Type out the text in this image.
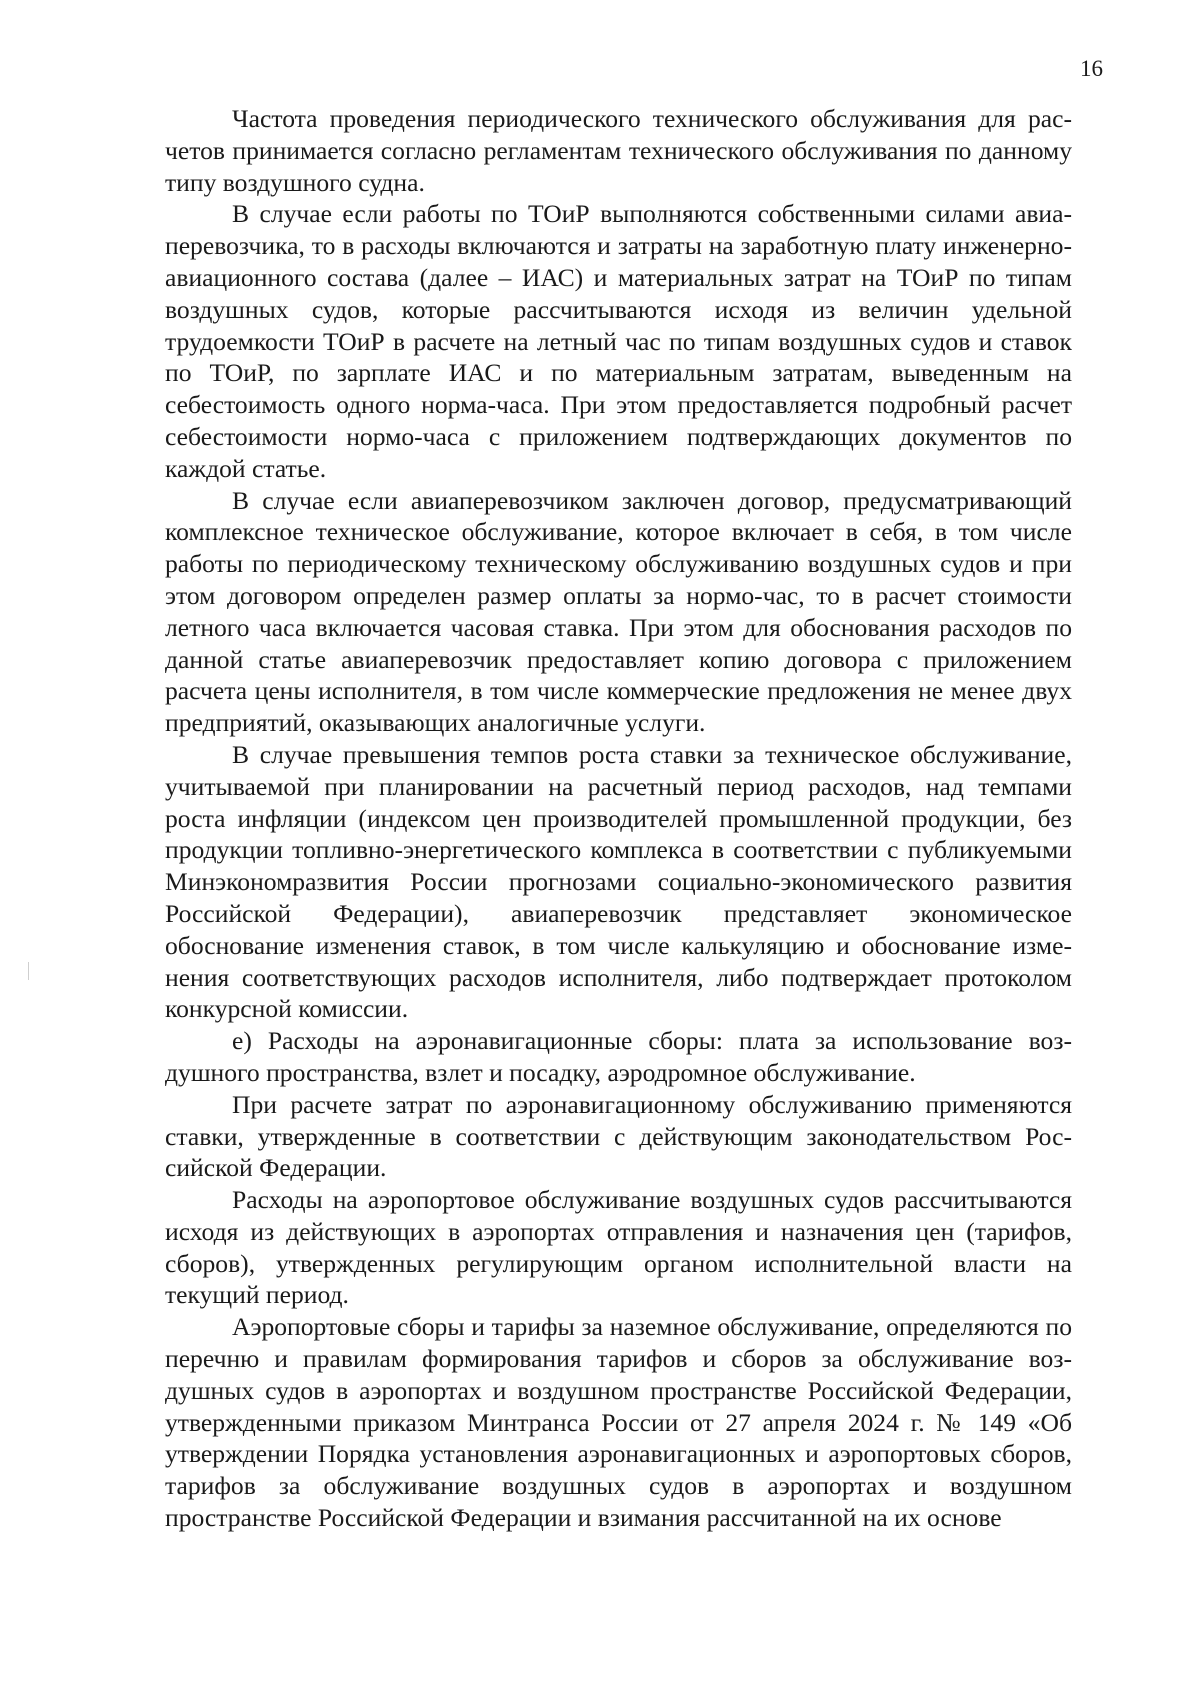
16

Частота проведения периодического технического обслуживания для расчетов принимается согласно регламентам технического обслуживания по данному типу воздушного судна.

В случае если работы по ТОиР выполняются собственными силами авиаперевозчика, то в расходы включаются и затраты на заработную плату инженерно-авиационного состава (далее – ИАС) и материальных затрат на ТОиР по типам воздушных судов, которые рассчитываются исходя из величин удельной трудоемкости ТОиР в расчете на летный час по типам воздушных судов и ставок по ТОиР, по зарплате ИАС и по материальным затратам, выведенным на себестоимость одного норма-часа. При этом предоставляется подробный расчет себестоимости нормо-часа с приложением подтверждающих документов по каждой статье.

В случае если авиаперевозчиком заключен договор, предусматривающий комплексное техническое обслуживание, которое включает в себя, в том числе работы по периодическому техническому обслуживанию воздушных судов и при этом договором определен размер оплаты за нормо-час, то в расчет стоимости летного часа включается часовая ставка. При этом для обоснования расходов по данной статье авиаперевозчик предоставляет копию договора с приложением расчета цены исполнителя, в том числе коммерческие предложения не менее двух предприятий, оказывающих аналогичные услуги.

В случае превышения темпов роста ставки за техническое обслуживание, учитываемой при планировании на расчетный период расходов, над темпами роста инфляции (индексом цен производителей промышленной продукции, без продукции топливно-энергетического комплекса в соответствии с публикуемыми Минэкономразвития России прогнозами социально-экономического развития Российской Федерации), авиаперевозчик представляет экономическое обоснование изменения ставок, в том числе калькуляцию и обоснование изменения соответствующих расходов исполнителя, либо подтверждает протоколом конкурсной комиссии.

е) Расходы на аэронавигационные сборы: плата за использование воздушного пространства, взлет и посадку, аэродромное обслуживание.

При расчете затрат по аэронавигационному обслуживанию применяются ставки, утвержденные в соответствии с действующим законодательством Российской Федерации.

Расходы на аэропортовое обслуживание воздушных судов рассчитываются исходя из действующих в аэропортах отправления и назначения цен (тарифов, сборов), утвержденных регулирующим органом исполнительной власти на текущий период.

Аэропортовые сборы и тарифы за наземное обслуживание, определяются по перечню и правилам формирования тарифов и сборов за обслуживание воздушных судов в аэропортах и воздушном пространстве Российской Федерации, утвержденными приказом Минтранса России от 27 апреля 2024 г. № 149 «Об утверждении Порядка установления аэронавигационных и аэропортовых сборов, тарифов за обслуживание воздушных судов в аэропортах и воздушном пространстве Российской Федерации и взимания рассчитанной на их основе
